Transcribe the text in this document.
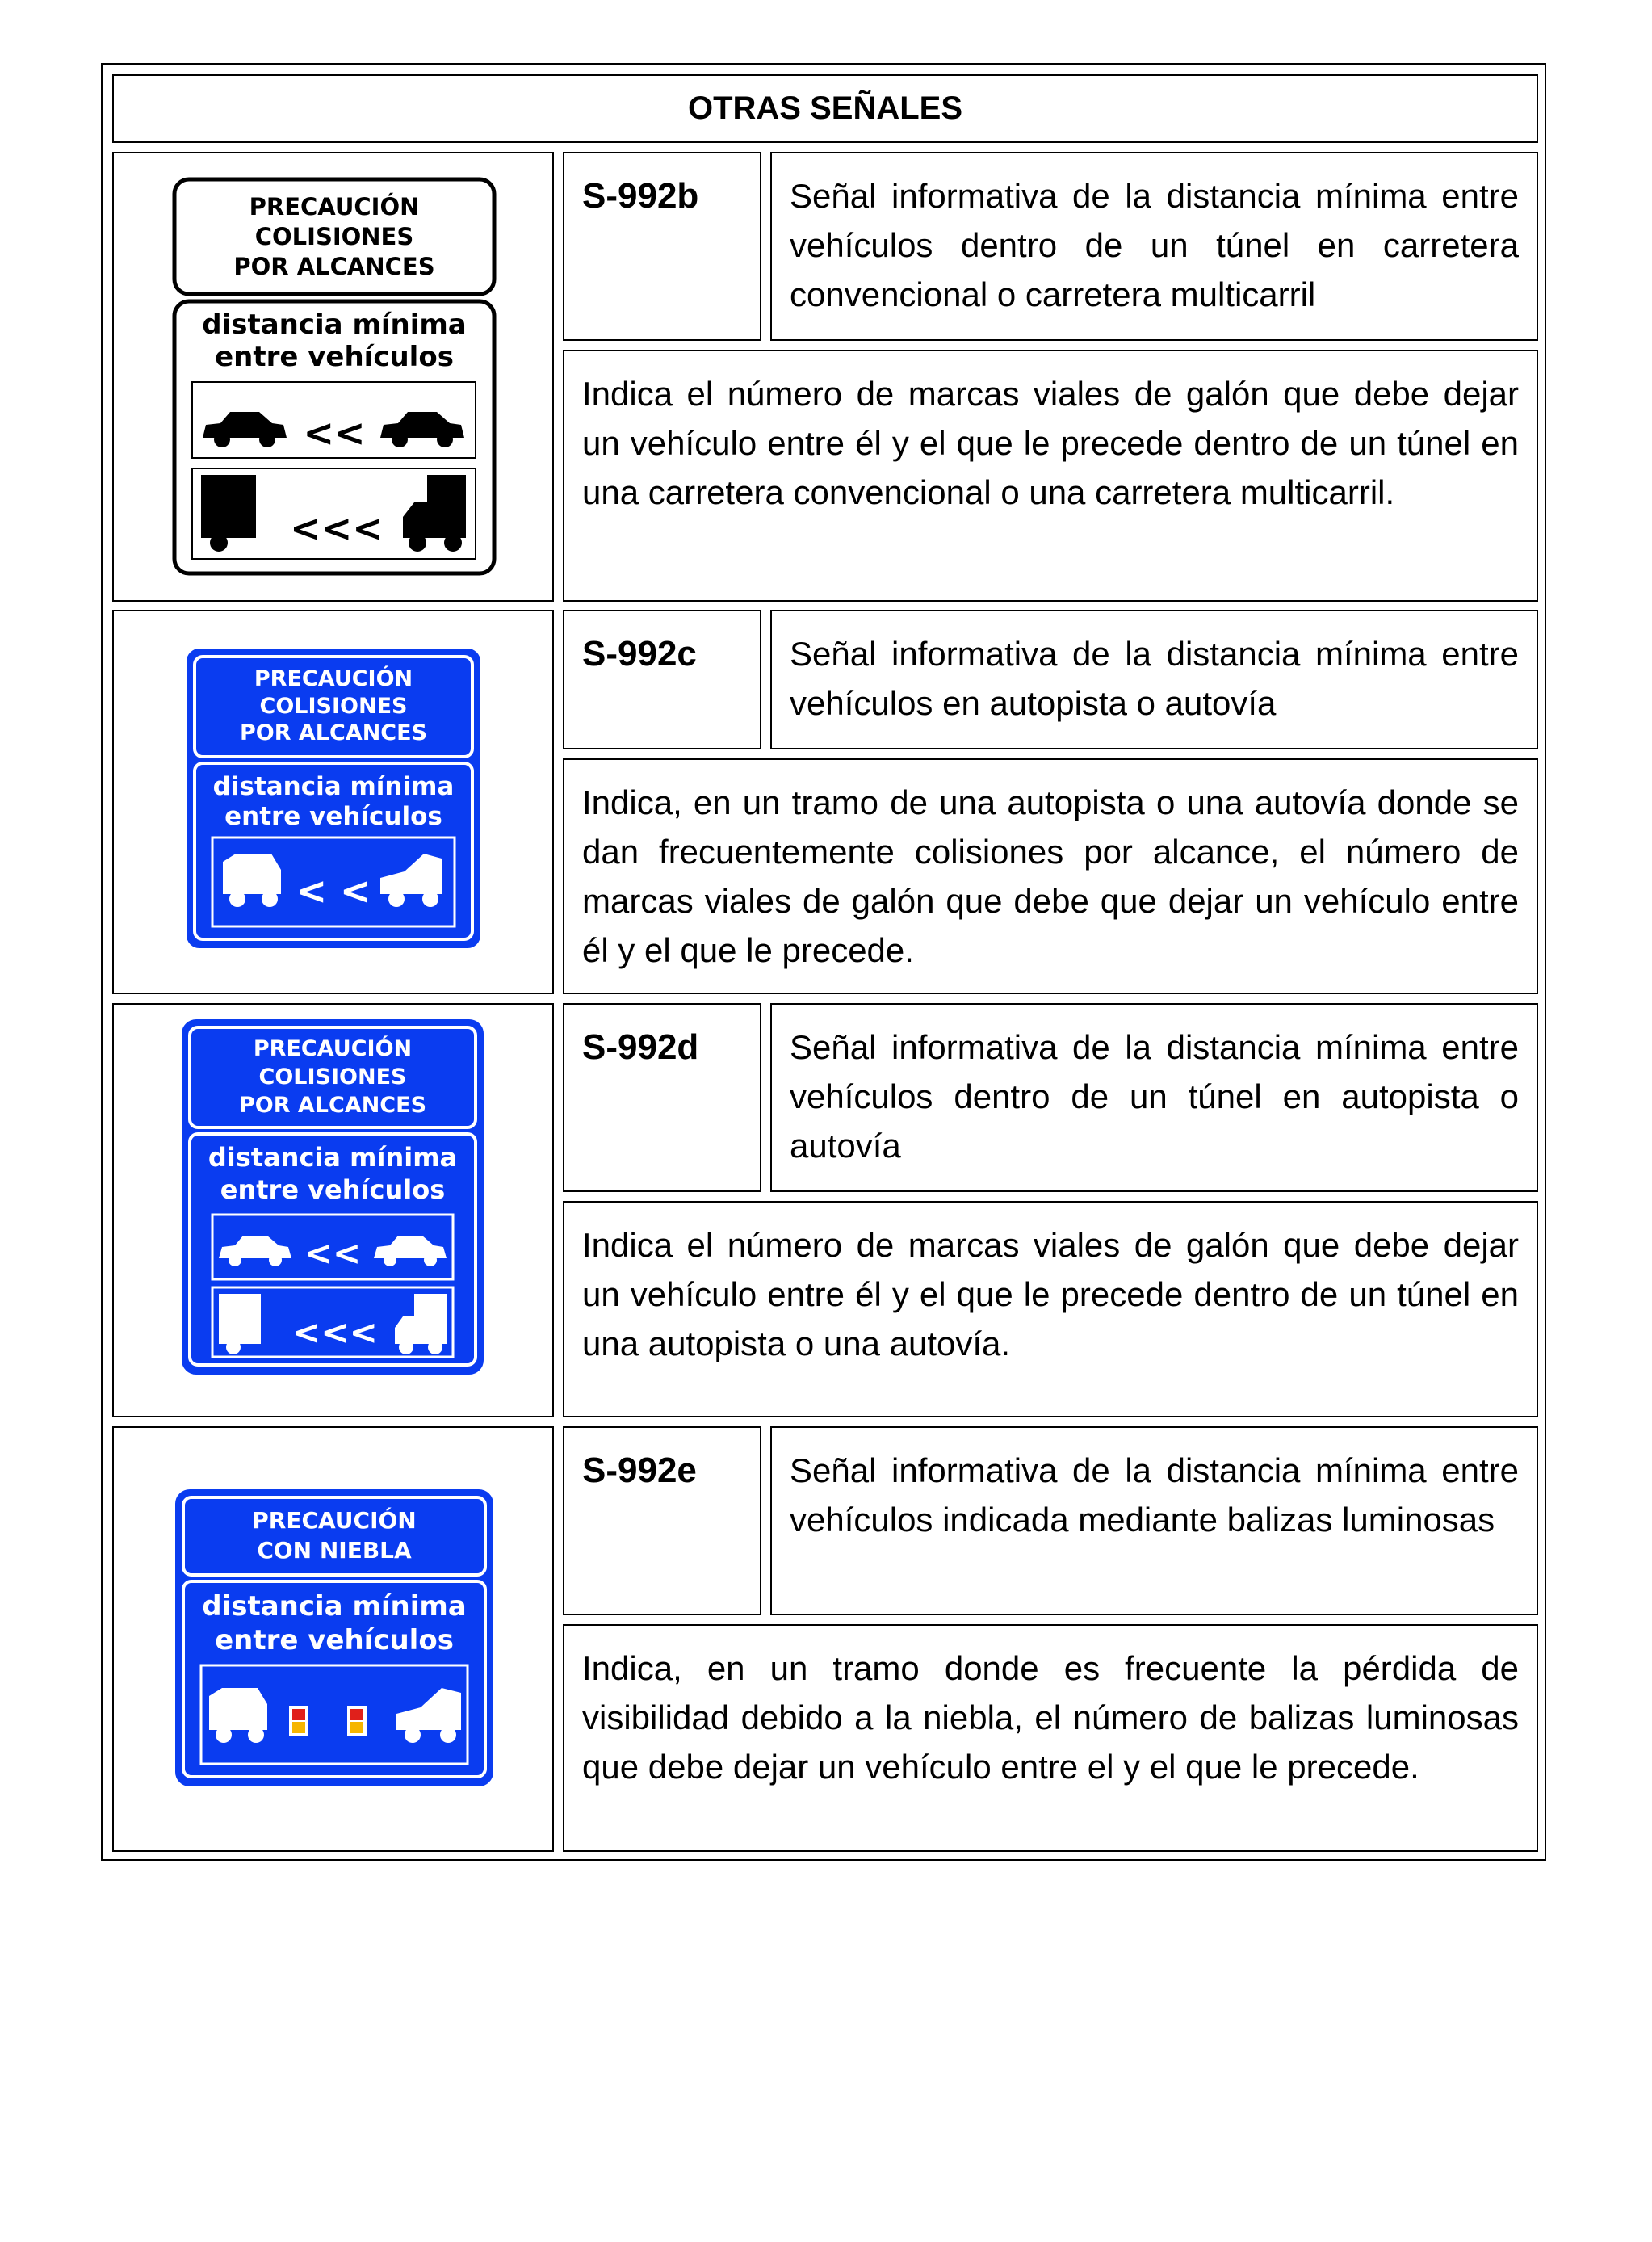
OTRAS SEÑALES
PRECAUCIÓN
COLISIONES
POR ALCANCES
distancia mínima
entre vehículos
<<
<<<
S-992b	Señal informativa de la distancia mínima entre vehículos dentro de un túnel en carretera convencional o carretera multicarril
Indica el número de marcas viales de galón que debe dejar un vehículo entre él y el que le precede dentro de un túnel en una carretera convencional o una carretera multicarril.
PRECAUCIÓN
COLISIONES
POR ALCANCES
distancia mínima
entre vehículos
< <
S-992c	Señal informativa de la distancia mínima entre vehículos en autopista o autovía
Indica, en un tramo de una autopista o una autovía donde se dan frecuentemente colisiones por alcance, el número de marcas viales de galón que debe que dejar un vehículo entre él y el que le precede.
PRECAUCIÓN
COLISIONES
POR ALCANCES
distancia mínima
entre vehículos
<<
<<<
S-992d	Señal informativa de la distancia mínima entre vehículos dentro de un túnel en autopista o autovía
Indica el número de marcas viales de galón que debe dejar un vehículo entre él y el que le precede dentro de un túnel en una autopista o una autovía.
PRECAUCIÓN
CON NIEBLA
distancia mínima
entre vehículos
S-992e	Señal informativa de la distancia mínima entre vehículos indicada mediante balizas luminosas
Indica, en un tramo donde es frecuente la pérdida de visibilidad debido a la niebla, el número de balizas luminosas que debe dejar un vehículo entre el y el que le precede.
